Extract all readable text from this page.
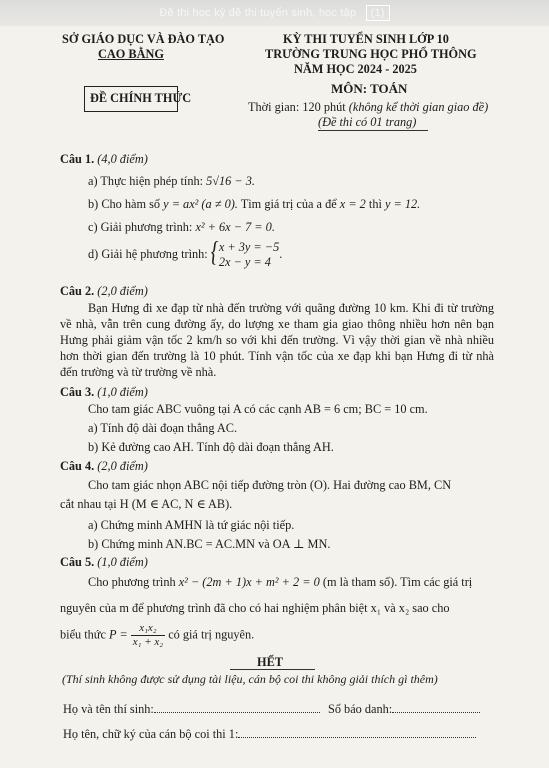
Đề thi học kỳ đề thi tuyển sinh, học tập (1)
SỞ GIÁO DỤC VÀ ĐÀO TẠO
CAO BẰNG
KỲ THI TUYỂN SINH LỚP 10
TRƯỜNG TRUNG HỌC PHỔ THÔNG
NĂM HỌC 2024 - 2025
ĐỀ CHÍNH THỨC
MÔN: TOÁN
Thời gian: 120 phút (không kể thời gian giao đề)
(Đề thi có 01 trang)
Câu 1. (4,0 điểm)
a) Thực hiện phép tính: 5√16 − 3.
b) Cho hàm số y = ax² (a ≠ 0). Tìm giá trị của a để x = 2 thì y = 12.
c) Giải phương trình: x² + 6x − 7 = 0.
d) Giải hệ phương trình:
{ x + 3y = −5
2x − y = 4
.
Câu 2. (2,0 điểm)
Bạn Hưng đi xe đạp từ nhà đến trường với quãng đường 10 km. Khi đi từ trường về nhà, vẫn trên cung đường ấy, do lượng xe tham gia giao thông nhiều hơn nên bạn Hưng phải giảm vận tốc 2 km/h so với khi đến trường. Vì vậy thời gian về nhà nhiều hơn thời gian đến trường là 10 phút. Tính vận tốc của xe đạp khi bạn Hưng đi từ nhà đến trường và từ trường về nhà.
Câu 3. (1,0 điểm)
Cho tam giác ABC vuông tại A có các cạnh AB = 6 cm; BC = 10 cm.
a) Tính độ dài đoạn thẳng AC.
b) Kẻ đường cao AH. Tính độ dài đoạn thẳng AH.
Câu 4. (2,0 điểm)
Cho tam giác nhọn ABC nội tiếp đường tròn (O). Hai đường cao BM, CN
cắt nhau tại H (M ∈ AC, N ∈ AB).
a) Chứng minh AMHN là tứ giác nội tiếp.
b) Chứng minh AN.BC = AC.MN và OA ⊥ MN.
Câu 5. (1,0 điểm)
Cho phương trình x² − (2m + 1)x + m² + 2 = 0 (m là tham số). Tìm các giá trị
nguyên của m để phương trình đã cho có hai nghiệm phân biệt x₁ và x₂ sao cho
biểu thức $P = \frac{\text{x₁x₂}}{\text{x₁ + x₂}}$ có giá trị nguyên.
HẾT
(Thí sinh không được sử dụng tài liệu, cán bộ coi thi không giải thích gì thêm)
Họ và tên thí sinh:	Số báo danh:
Họ tên, chữ ký của cán bộ coi thi 1:
